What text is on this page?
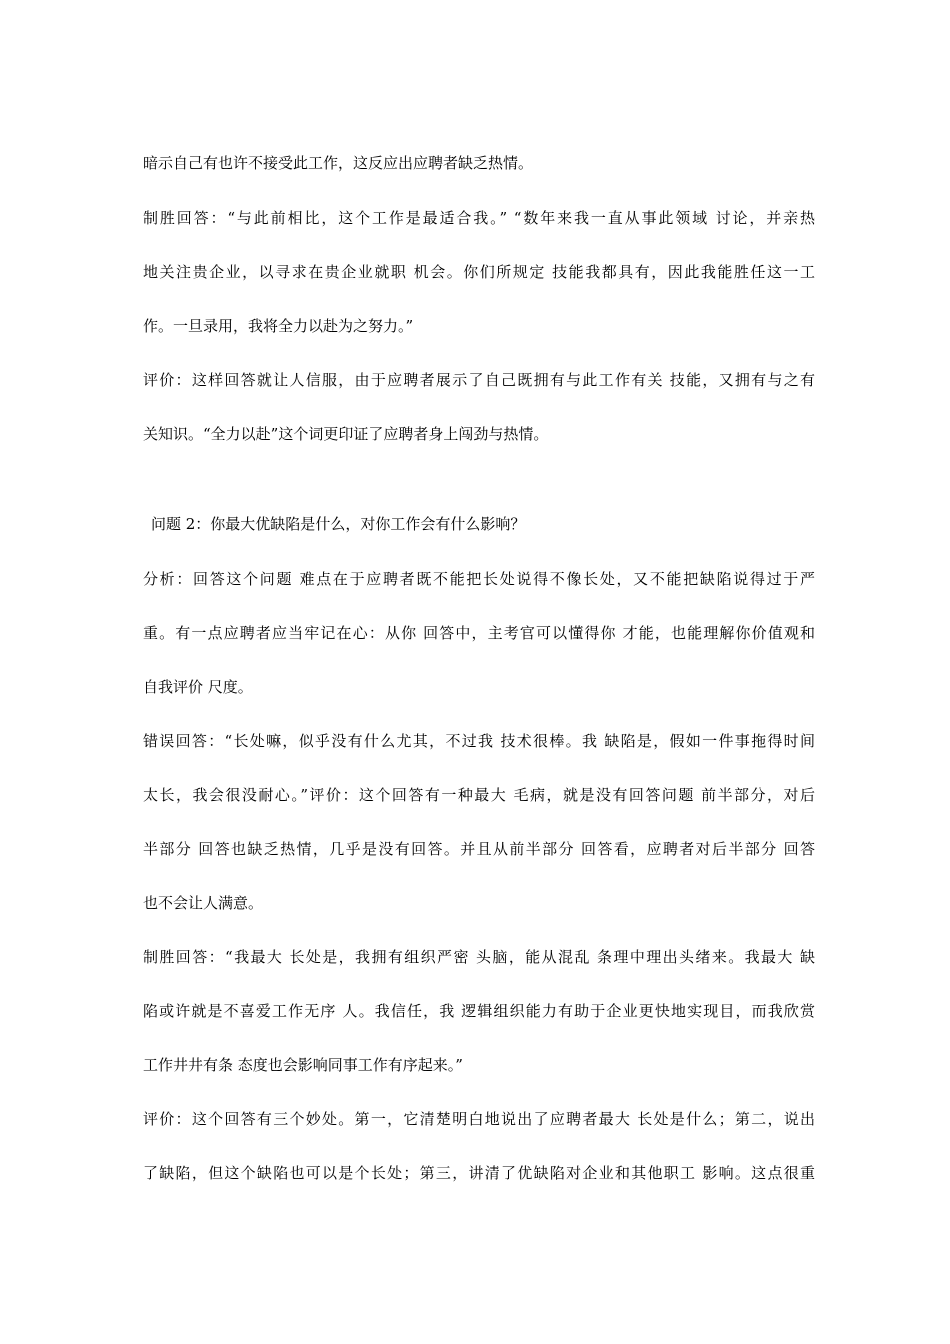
暗示自己有也许不接受此工作，这反应出应聘者缺乏热情。
制胜回答：“与此前相比，这个工作是最适合我。” “数年来我一直从事此领域 讨论，并亲热
地关注贵企业，以寻求在贵企业就职 机会。你们所规定 技能我都具有，因此我能胜任这一工
作。一旦录用，我将全力以赴为之努力。”
评价：这样回答就让人信服，由于应聘者展示了自己既拥有与此工作有关 技能，又拥有与之有
关知识。“全力以赴”这个词更印证了应聘者身上闯劲与热情。
问题 2：你最大优缺陷是什么，对你工作会有什么影响？
分析：回答这个问题 难点在于应聘者既不能把长处说得不像长处，又不能把缺陷说得过于严
重。有一点应聘者应当牢记在心：从你 回答中，主考官可以懂得你 才能，也能理解你价值观和
自我评价 尺度。
错误回答：“长处嘛，似乎没有什么尤其，不过我 技术很棒。我 缺陷是，假如一件事拖得时间
太长，我会很没耐心。”评价：这个回答有一种最大 毛病，就是没有回答问题 前半部分，对后
半部分 回答也缺乏热情，几乎是没有回答。并且从前半部分 回答看，应聘者对后半部分 回答
也不会让人满意。
制胜回答：“我最大 长处是，我拥有组织严密 头脑，能从混乱 条理中理出头绪来。我最大 缺
陷或许就是不喜爱工作无序 人。我信任，我 逻辑组织能力有助于企业更快地实现目，而我欣赏
工作井井有条 态度也会影响同事工作有序起来。”
评价：这个回答有三个妙处。第一，它清楚明白地说出了应聘者最大 长处是什么；第二，说出
了缺陷，但这个缺陷也可以是个长处；第三，讲清了优缺陷对企业和其他职工 影响。这点很重
